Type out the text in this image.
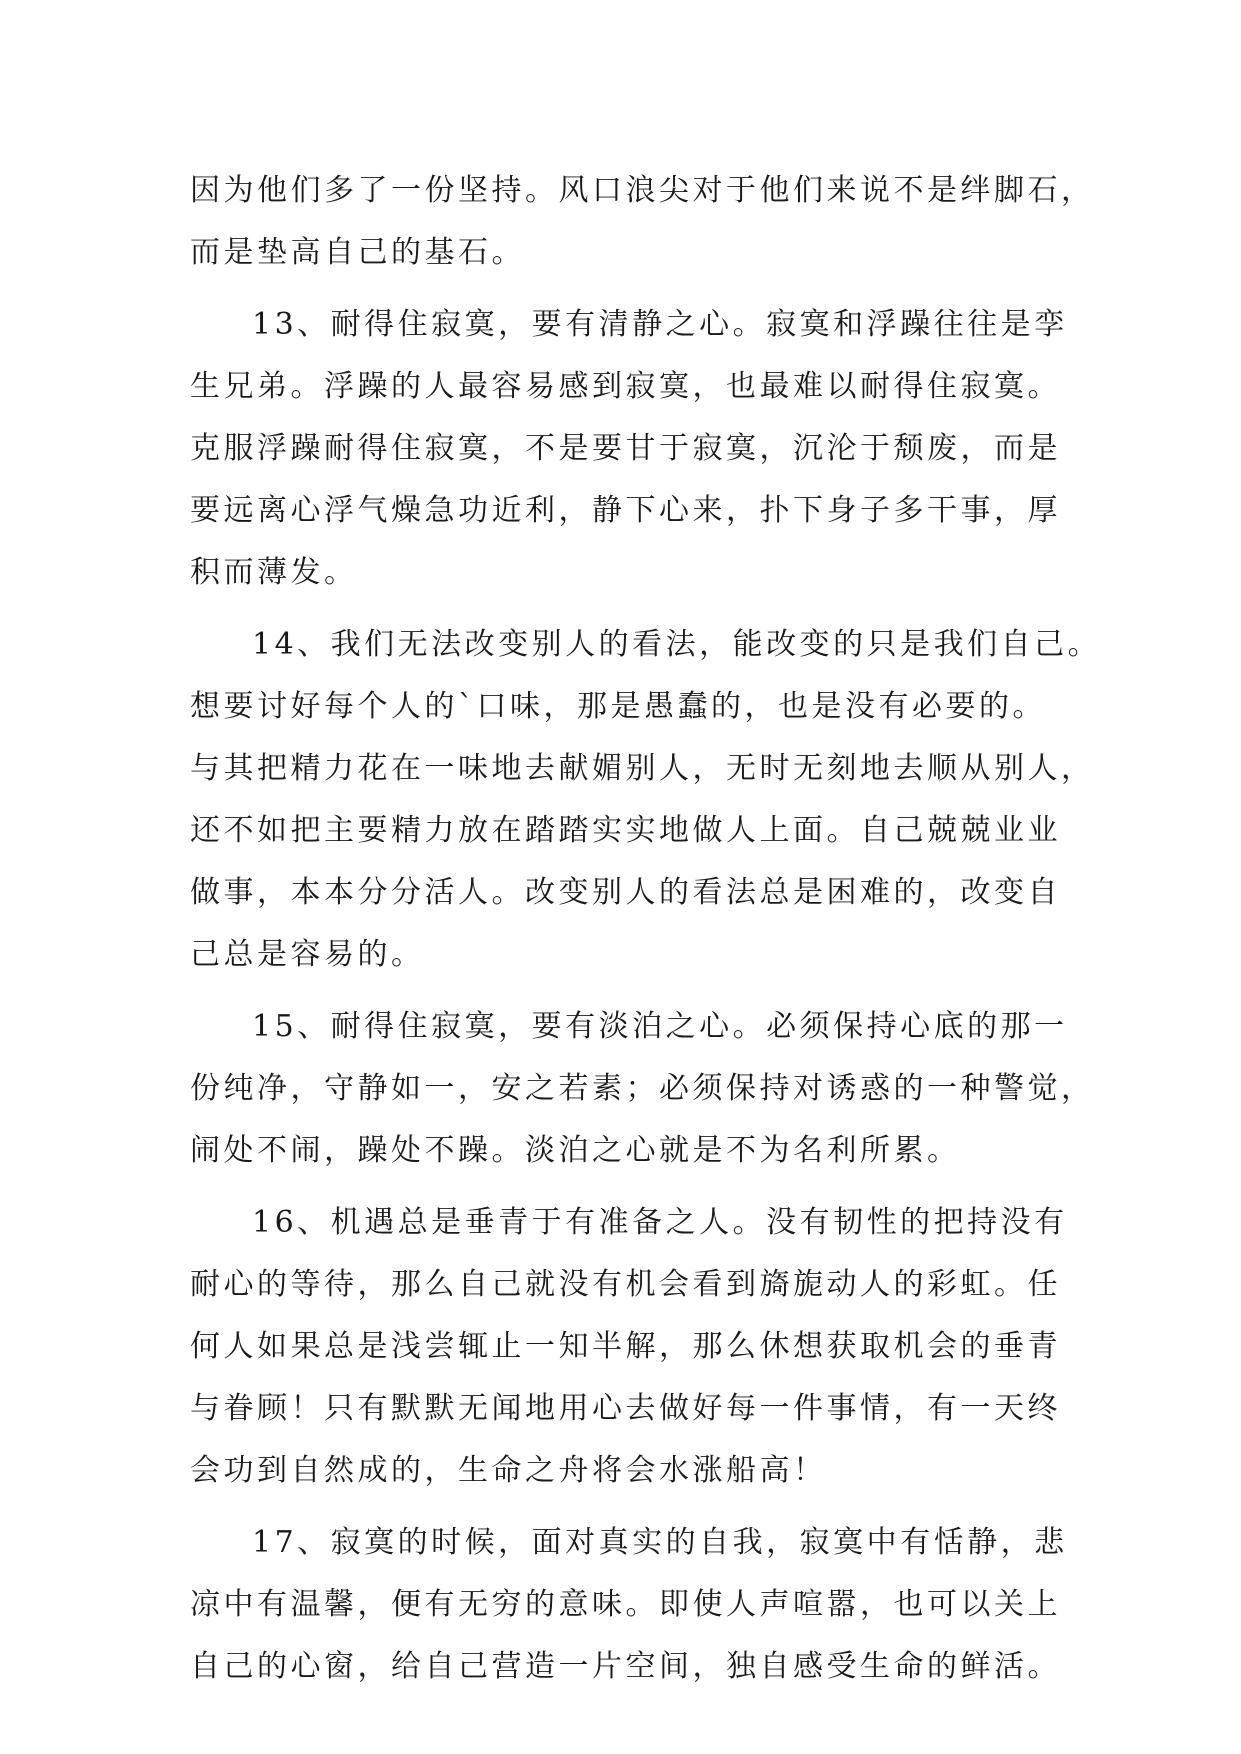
因为他们多了一份坚持。风口浪尖对于他们来说不是绊脚石，
而是垫高自己的基石。
13、耐得住寂寞，要有清静之心。寂寞和浮躁往往是孪
生兄弟。浮躁的人最容易感到寂寞，也最难以耐得住寂寞。
克服浮躁耐得住寂寞，不是要甘于寂寞，沉沦于颓废，而是
要远离心浮气燥急功近利，静下心来，扑下身子多干事，厚
积而薄发。
14、我们无法改变别人的看法，能改变的只是我们自己。
想要讨好每个人的`口味，那是愚蠢的，也是没有必要的。
与其把精力花在一味地去献媚别人，无时无刻地去顺从别人，
还不如把主要精力放在踏踏实实地做人上面。自己兢兢业业
做事，本本分分活人。改变别人的看法总是困难的，改变自
己总是容易的。
15、耐得住寂寞，要有淡泊之心。必须保持心底的那一
份纯净，守静如一，安之若素；必须保持对诱惑的一种警觉，
闹处不闹，躁处不躁。淡泊之心就是不为名利所累。
16、机遇总是垂青于有准备之人。没有韧性的把持没有
耐心的等待，那么自己就没有机会看到旖旎动人的彩虹。任
何人如果总是浅尝辄止一知半解，那么休想获取机会的垂青
与眷顾！只有默默无闻地用心去做好每一件事情，有一天终
会功到自然成的，生命之舟将会水涨船高！
17、寂寞的时候，面对真实的自我，寂寞中有恬静，悲
凉中有温馨，便有无穷的意味。即使人声喧嚣，也可以关上
自己的心窗，给自己营造一片空间，独自感受生命的鲜活。
